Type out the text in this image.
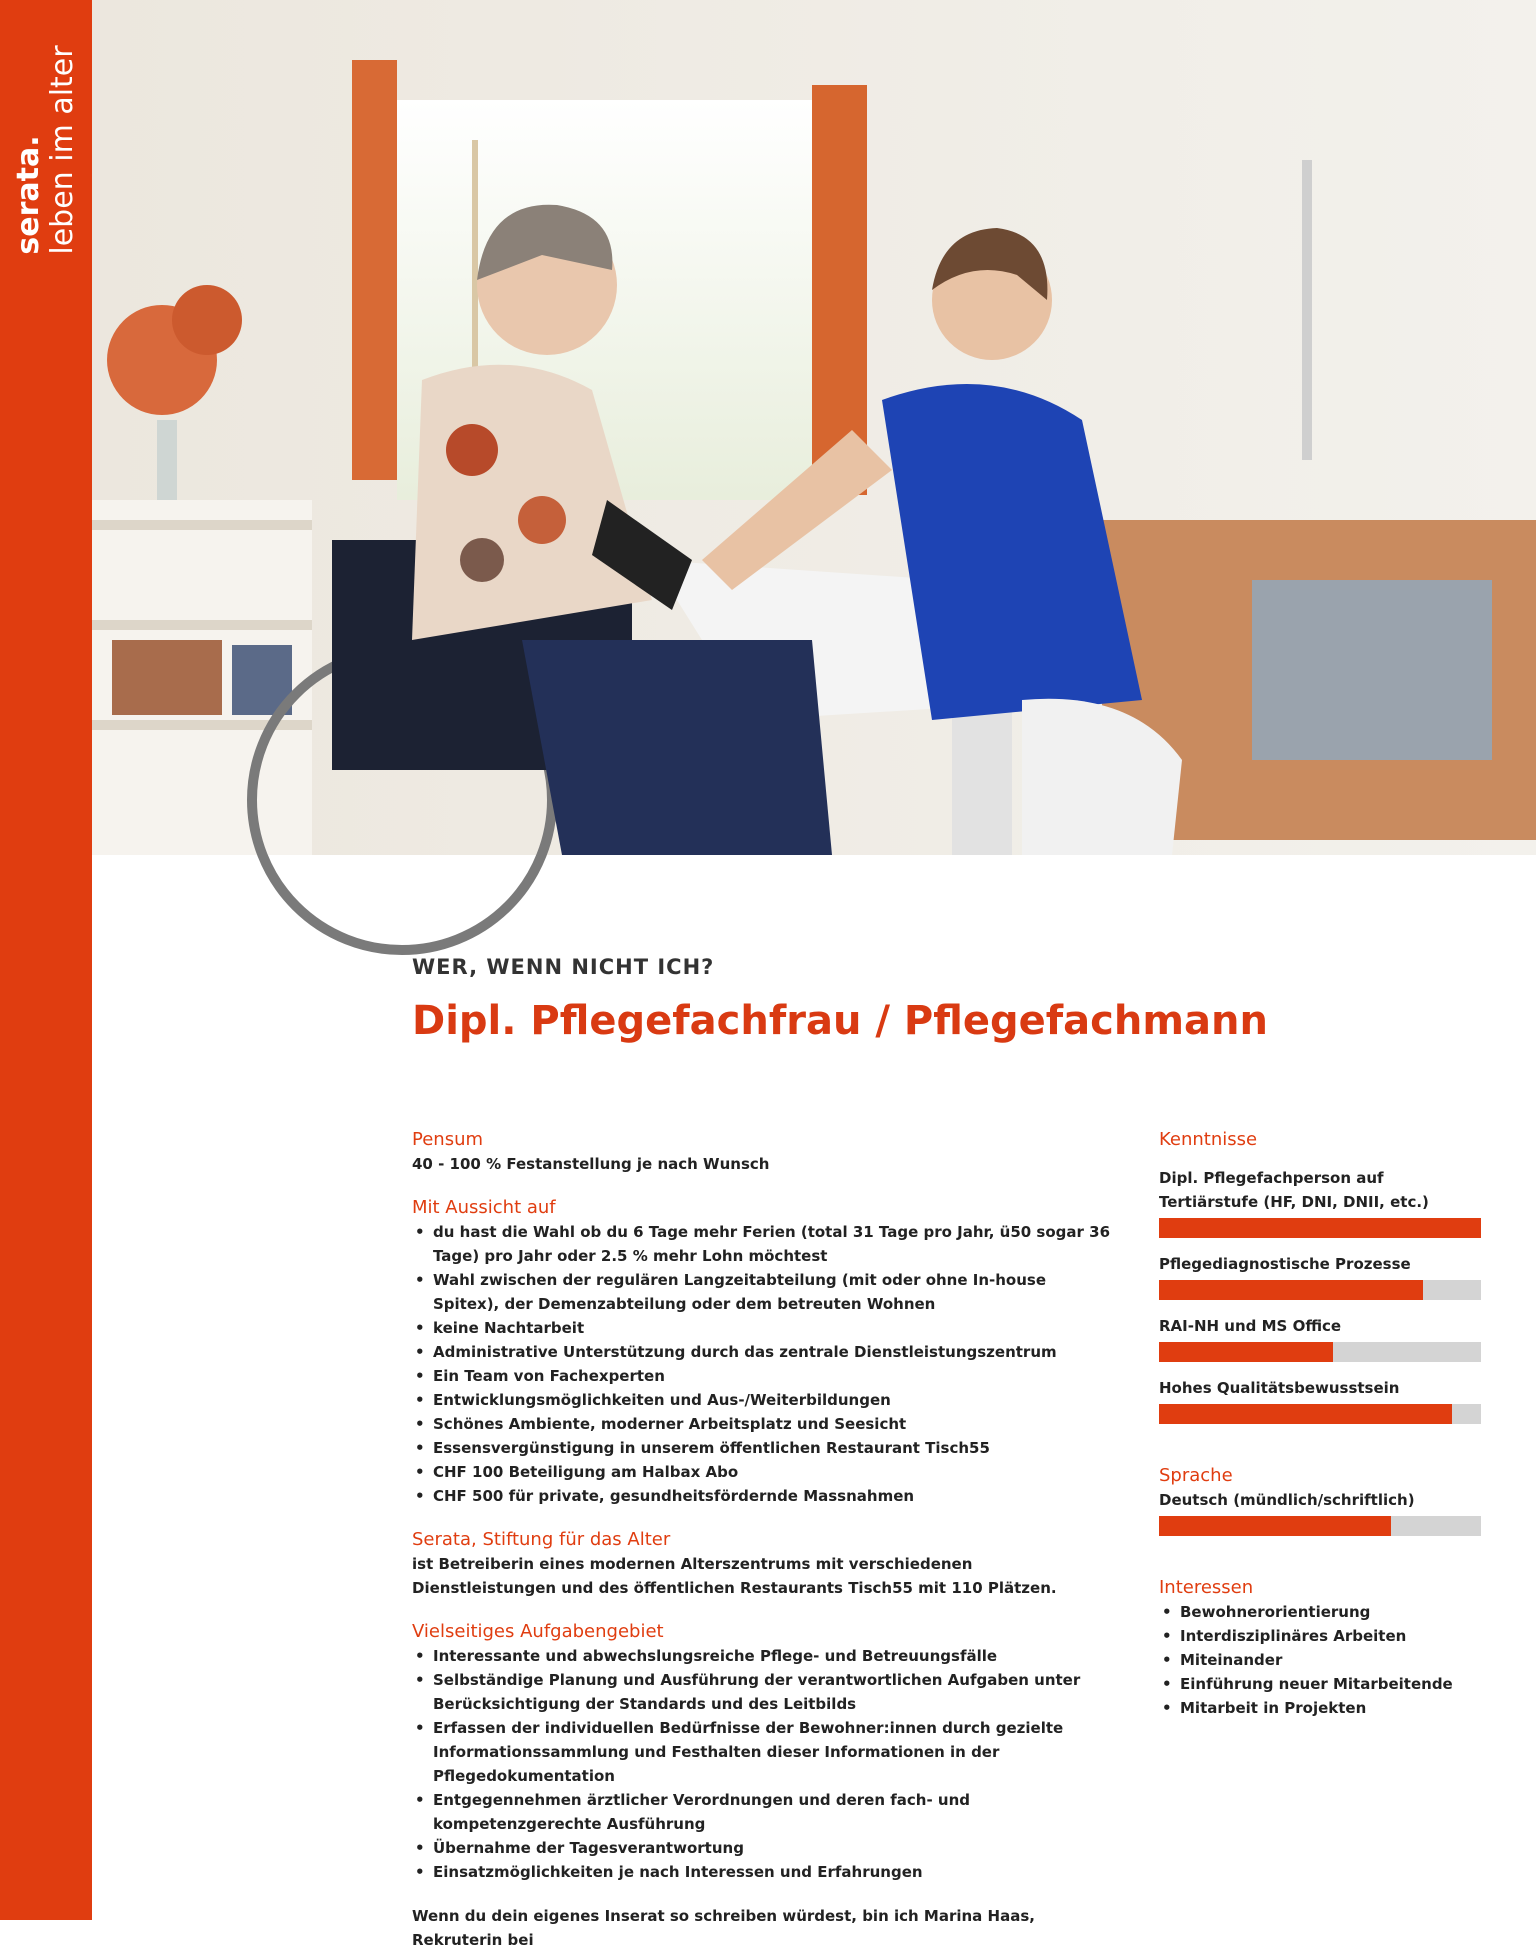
serata. leben im alter
WER, WENN NICHT ICH?
Dipl. Pflegefachfrau / Pflegefachmann
Pensum
40 - 100 % Festanstellung je nach Wunsch
Mit Aussicht auf
• du hast die Wahl ob du 6 Tage mehr Ferien (total 31 Tage pro Jahr, ü50 sogar 36 Tage) pro Jahr oder 2.5 % mehr Lohn möchtest
• Wahl zwischen der regulären Langzeitabteilung (mit oder ohne In-house Spitex), der Demenzabteilung oder dem betreuten Wohnen
• keine Nachtarbeit
• Administrative Unterstützung durch das zentrale Dienstleistungszentrum
• Ein Team von Fachexperten
• Entwicklungsmöglichkeiten und Aus-/Weiterbildungen
• Schönes Ambiente, moderner Arbeitsplatz und Seesicht
• Essensvergünstigung in unserem öffentlichen Restaurant Tisch55
• CHF 100 Beteiligung am Halbax Abo
• CHF 500 für private, gesundheitsfördernde Massnahmen
Serata, Stiftung für das Alter
ist Betreiberin eines modernen Alterszentrums mit verschiedenen Dienstleistungen und des öffentlichen Restaurants Tisch55 mit 110 Plätzen.
Vielseitiges Aufgabengebiet
• Interessante und abwechslungsreiche Pflege- und Betreuungsfälle
• Selbständige Planung und Ausführung der verantwortlichen Aufgaben unter Berücksichtigung der Standards und des Leitbilds
• Erfassen der individuellen Bedürfnisse der Bewohner:innen durch gezielte Informationssammlung und Festhalten dieser Informationen in der Pflegedokumentation
• Entgegennehmen ärztlicher Verordnungen und deren fach- und kompetenzgerechte Ausführung
• Übernahme der Tagesverantwortung
• Einsatzmöglichkeiten je nach Interessen und Erfahrungen
Wenn du dein eigenes Inserat so schreiben würdest, bin ich Marina Haas, Rekruterin bei
Kenntnisse
Dipl. Pflegefachperson auf Tertiärstufe (HF, DNI, DNII, etc.)
Pflegediagnostische Prozesse
RAI-NH und MS Office
Hohes Qualitätsbewusstsein
Sprache
Deutsch (mündlich/schriftlich)
Interessen
• Bewohnerorientierung
• Interdisziplinäres Arbeiten
• Miteinander
• Einführung neuer Mitarbeitende
• Mitarbeit in Projekten
